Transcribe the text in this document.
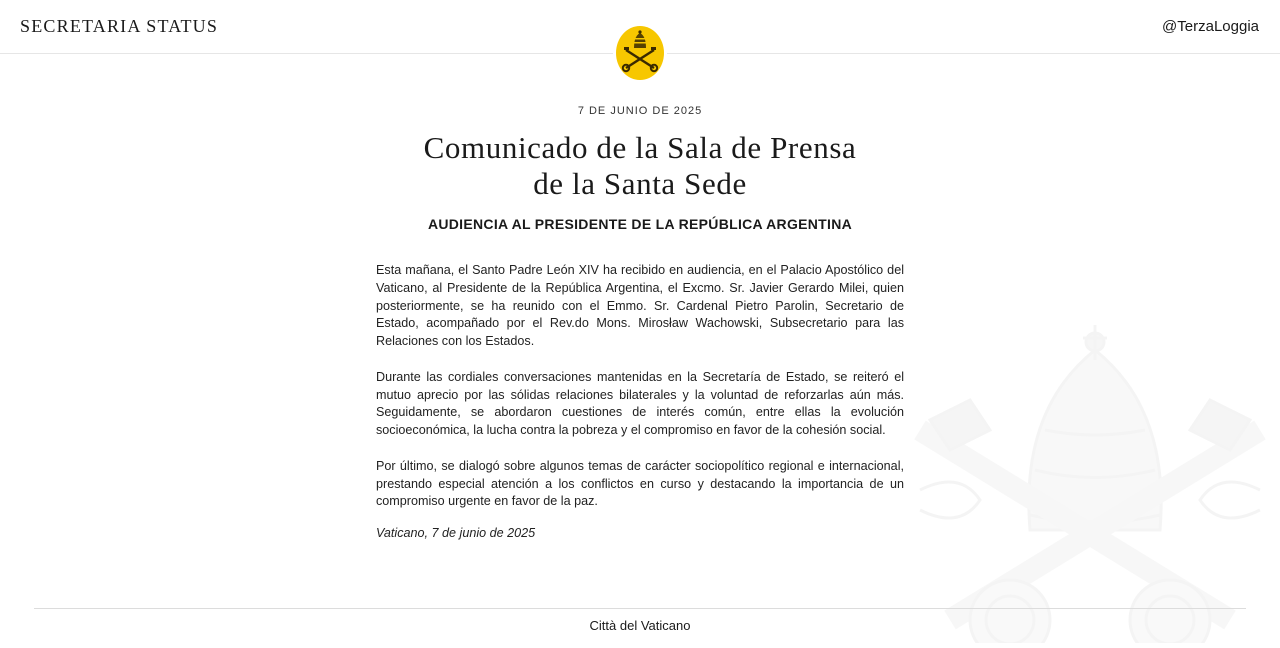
SECRETARIA STATUS	@TerzaLoggia
7 DE JUNIO DE 2025
Comunicado de la Sala de Prensa
de la Santa Sede
AUDIENCIA AL PRESIDENTE DE LA REPÚBLICA ARGENTINA

Esta mañana, el Santo Padre León XIV ha recibido en audiencia, en el Palacio Apostólico del Vaticano, al Presidente de la República Argentina, el Excmo. Sr. Javier Gerardo Milei, quien posteriormente, se ha reunido con el Emmo. Sr. Cardenal Pietro Parolin, Secretario de Estado, acompañado por el Rev.do Mons. Mirosław Wachowski, Subsecretario para las Relaciones con los Estados.

Durante las cordiales conversaciones mantenidas en la Secretaría de Estado, se reiteró el mutuo aprecio por las sólidas relaciones bilaterales y la voluntad de reforzarlas aún más. Seguidamente, se abordaron cuestiones de interés común, entre ellas la evolución socioeconómica, la lucha contra la pobreza y el compromiso en favor de la cohesión social.

Por último, se dialogó sobre algunos temas de carácter sociopolítico regional e internacional, prestando especial atención a los conflictos en curso y destacando la importancia de un compromiso urgente en favor de la paz.

Vaticano, 7 de junio de 2025

Città del Vaticano
